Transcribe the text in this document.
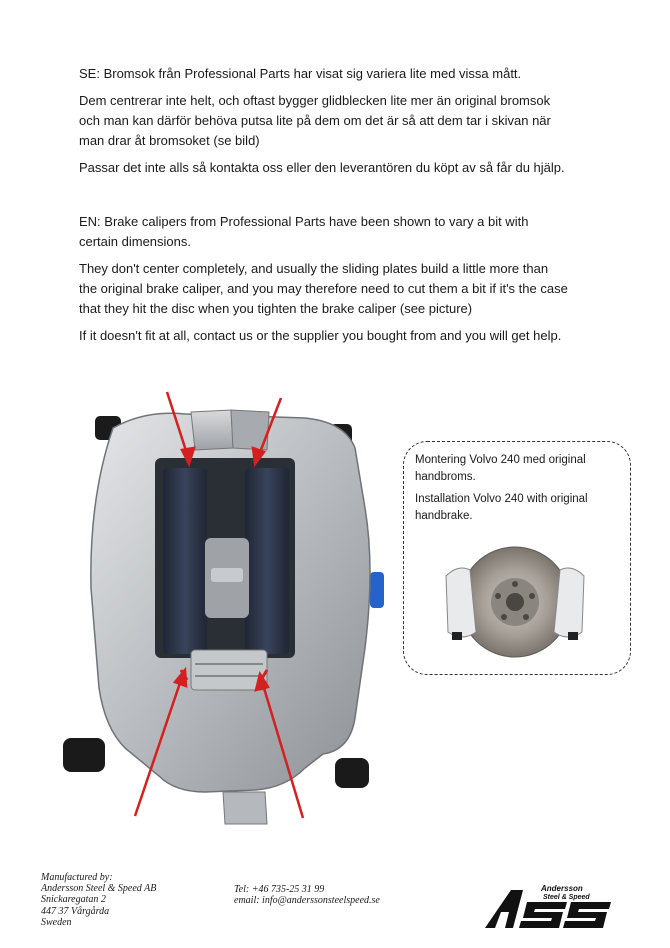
SE: Bromsok från Professional Parts har visat sig variera lite med vissa mått.

Dem centrerar inte helt, och oftast bygger glidblecken lite mer än original bromsok och man kan därför behöva putsa lite på dem om det är så att dem tar i skivan när man drar åt bromsoket (se bild)

Passar det inte alls så kontakta oss eller den leverantören du köpt av så får du hjälp.

EN: Brake calipers from Professional Parts have been shown to vary a bit with certain dimensions.

They don't center completely, and usually the sliding plates build a little more than the original brake caliper, and you may therefore need to cut them a bit if it's the case that they hit the disc when you tighten the brake caliper (see picture)

If it doesn't fit at all, contact us or the supplier you bought from and you will get help.

Montering Volvo 240 med original handbroms.

Installation Volvo 240 with original handbrake.

Manufactured by:
Andersson Steel & Speed AB
Snickaregatan 2
447 37 Vårgårda
Sweden
Tel: +46 735-25 31 99
email: info@anderssonsteelspeed.se
Andersson
Steel & Speed
